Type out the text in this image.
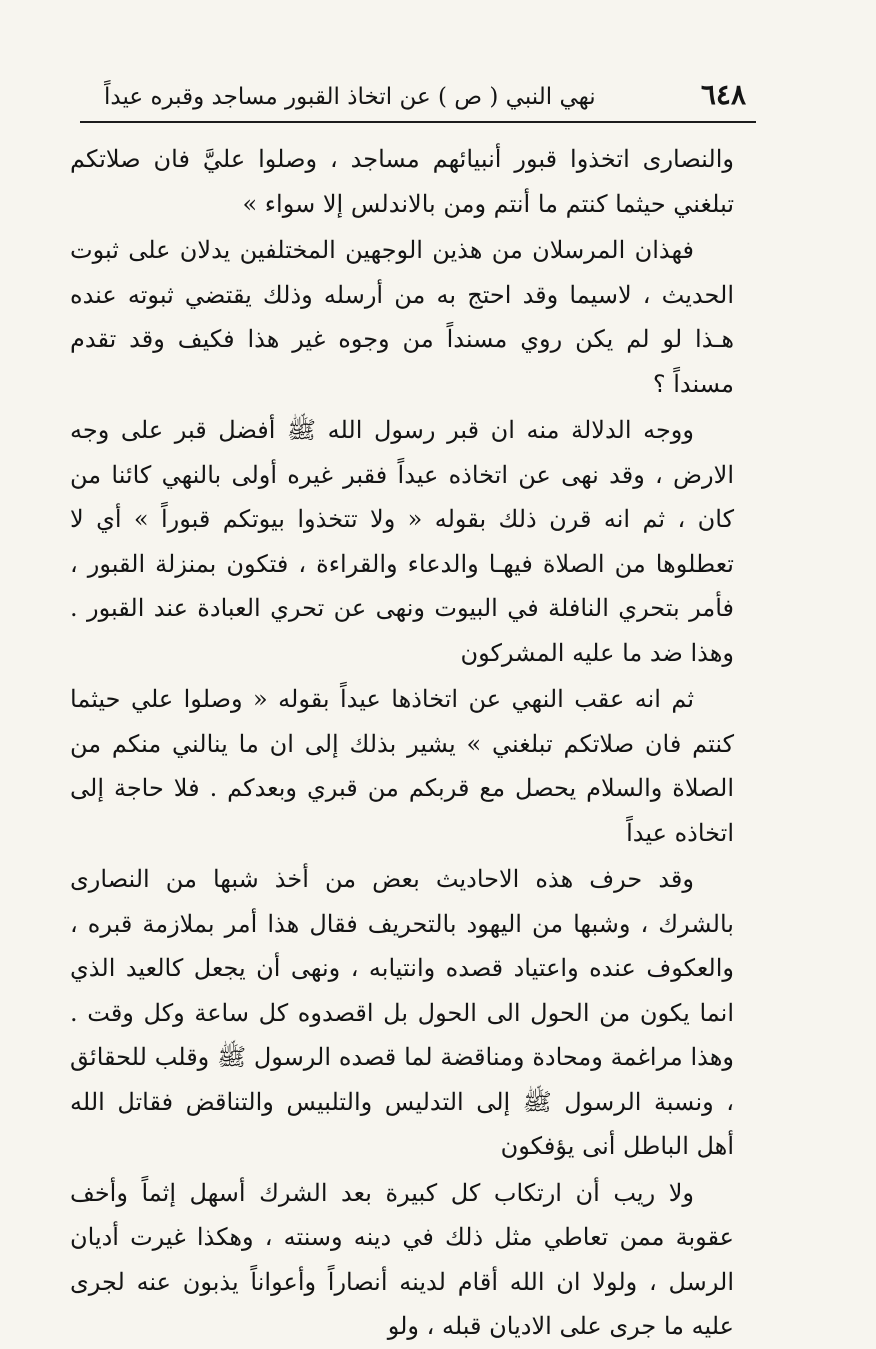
٦٤٨
نهي النبي ( ص ) عن اتخاذ القبور مساجد وقبره عيداً

والنصارى اتخذوا قبور أنبيائهم مساجد ، وصلوا عليَّ فان صلاتكم تبلغني حيثما كنتم ما أنتم ومن بالاندلس إلا سواء »

فهذان المرسلان من هذين الوجهين المختلفين يدلان على ثبوت الحديث ، لاسيما وقد احتج به من أرسله وذلك يقتضي ثبوته عنده هـذا لو لم يكن روي مسنداً من وجوه غير هذا فكيف وقد تقدم مسنداً ؟

ووجه الدلالة منه ان قبر رسول الله ﷺ أفضل قبر على وجه الارض ، وقد نهى عن اتخاذه عيداً فقبر غيره أولى بالنهي كائنا من كان ، ثم انه قرن ذلك بقوله « ولا تتخذوا بيوتكم قبوراً » أي لا تعطلوها من الصلاة فيهـا والدعاء والقراءة ، فتكون بمنزلة القبور ، فأمر بتحري النافلة في البيوت ونهى عن تحري العبادة عند القبور . وهذا ضد ما عليه المشركون

ثم انه عقب النهي عن اتخاذها عيداً بقوله « وصلوا علي حيثما كنتم فان صلاتكم تبلغني » يشير بذلك إلى ان ما ينالني منكم من الصلاة والسلام يحصل مع قربكم من قبري وبعدكم . فلا حاجة إلى اتخاذه عيداً

وقد حرف هذه الاحاديث بعض من أخذ شبها من النصارى بالشرك ، وشبها من اليهود بالتحريف فقال هذا أمر بملازمة قبره ، والعكوف عنده واعتياد قصده وانتيابه ، ونهى أن يجعل كالعيد الذي انما يكون من الحول الى الحول بل اقصدوه كل ساعة وكل وقت . وهذا مراغمة ومحادة ومناقضة لما قصده الرسول ﷺ وقلب للحقائق ، ونسبة الرسول ﷺ إلى التدليس والتلبيس والتناقض فقاتل الله أهل الباطل أنى يؤفكون

ولا ريب أن ارتكاب كل كبيرة بعد الشرك أسهل إثماً وأخف عقوبة ممن تعاطي مثل ذلك في دينه وسنته ، وهكذا غيرت أديان الرسل ، ولولا ان الله أقام لدينه أنصاراً وأعواناً يذبون عنه لجرى عليه ما جرى على الاديان قبله ، ولو
